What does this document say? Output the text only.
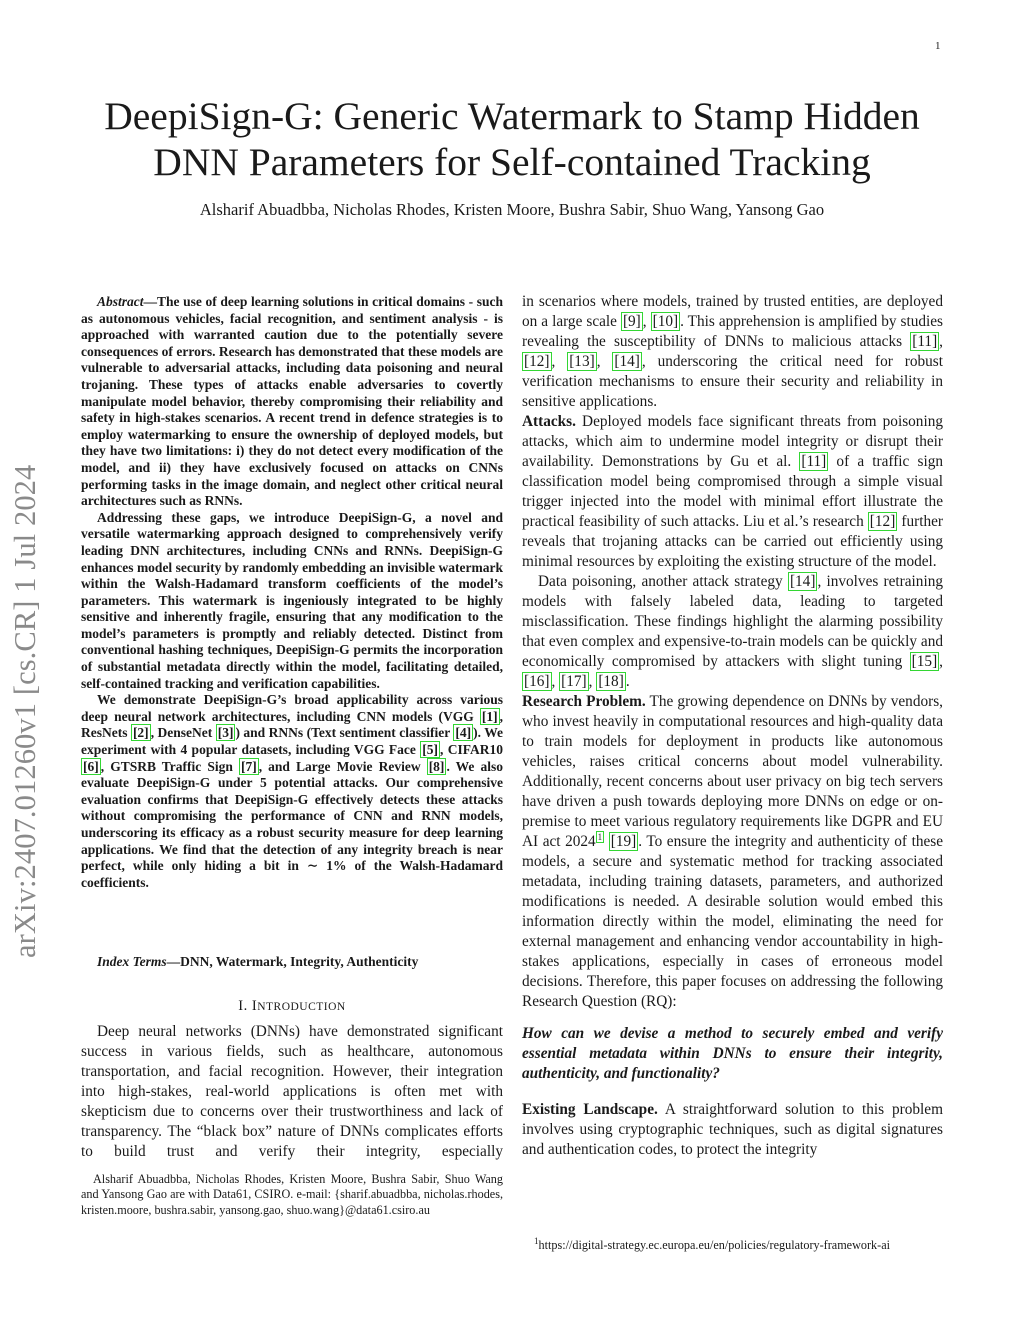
1
arXiv:2407.01260v1 [cs.CR] 1 Jul 2024
DeepiSign-G: Generic Watermark to Stamp Hidden
DNN Parameters for Self-contained Tracking
Alsharif Abuadbba, Nicholas Rhodes, Kristen Moore, Bushra Sabir, Shuo Wang, Yansong Gao

Abstract—The use of deep learning solutions in critical domains - such as autonomous vehicles, facial recognition, and sentiment analysis - is approached with warranted caution due to the potentially severe consequences of errors. Research has demonstrated that these models are vulnerable to adversarial attacks, including data poisoning and neural trojaning. These types of attacks enable adversaries to covertly manipulate model behavior, thereby compromising their reliability and safety in high-stakes scenarios. A recent trend in defence strategies is to employ watermarking to ensure the ownership of deployed models, but they have two limitations: i) they do not detect every modification of the model, and ii) they have exclusively focused on attacks on CNNs performing tasks in the image domain, and neglect other critical neural architectures such as RNNs.

Addressing these gaps, we introduce DeepiSign-G, a novel and versatile watermarking approach designed to comprehensively verify leading DNN architectures, including CNNs and RNNs. DeepiSign-G enhances model security by randomly embedding an invisible watermark within the Walsh-Hadamard transform coefficients of the model’s parameters. This watermark is ingeniously integrated to be highly sensitive and inherently fragile, ensuring that any modification to the model’s parameters is promptly and reliably detected. Distinct from conventional hashing techniques, DeepiSign-G permits the incorporation of substantial metadata directly within the model, facilitating detailed, self-contained tracking and verification capabilities.

We demonstrate DeepiSign-G’s broad applicability across various deep neural network architectures, including CNN models (VGG [1] , ResNets [2] , DenseNet [3] ) and RNNs (Text sentiment classifier [4] ). We experiment with 4 popular datasets, including VGG Face [5] , CIFAR10 [6] , GTSRB Traffic Sign [7] , and Large Movie Review [8] . We also evaluate DeepiSign-G under 5 potential attacks. Our comprehensive evaluation confirms that DeepiSign-G effectively detects these attacks without compromising the performance of CNN and RNN models, underscoring its efficacy as a robust security measure for deep learning applications. We find that the detection of any integrity breach is near perfect, while only hiding a bit in ∼ 1% of the Walsh-Hadamard coefficients.

Index Terms—DNN, Watermark, Integrity, Authenticity
I. INTRODUCTION

Deep neural networks (DNNs) have demonstrated significant success in various fields, such as healthcare, autonomous transportation, and facial recognition. However, their integration into high-stakes, real-world applications is often met with skepticism due to concerns over their trustworthiness and lack of transparency. The “black box” nature of DNNs complicates efforts to build trust and verify their integrity, especially

Alsharif Abuadbba, Nicholas Rhodes, Kristen Moore, Bushra Sabir, Shuo Wang and Yansong Gao are with Data61, CSIRO. e-mail: {sharif.abuadbba, nicholas.rhodes, kristen.moore, bushra.sabir, yansong.gao, shuo.wang}@data61.csiro.au

in scenarios where models, trained by trusted entities, are deployed on a large scale [9] , [10] . This apprehension is amplified by studies revealing the susceptibility of DNNs to malicious attacks [11] , [12] , [13] , [14] , underscoring the critical need for robust verification mechanisms to ensure their security and reliability in sensitive applications.

Attacks. Deployed models face significant threats from poisoning attacks, which aim to undermine model integrity or disrupt their availability. Demonstrations by Gu et al. [11] of a traffic sign classification model being compromised through a simple visual trigger injected into the model with minimal effort illustrate the practical feasibility of such attacks. Liu et al.’s research [12] further reveals that trojaning attacks can be carried out efficiently using minimal resources by exploiting the existing structure of the model.

Data poisoning, another attack strategy [14] , involves retraining models with falsely labeled data, leading to targeted misclassification. These findings highlight the alarming possibility that even complex and expensive-to-train models can be quickly and economically compromised by attackers with slight tuning [15] , [16] , [17] , [18] .

Research Problem. The growing dependence on DNNs by vendors, who invest heavily in computational resources and high-quality data to train models for deployment in products like autonomous vehicles, raises critical concerns about model vulnerability. Additionally, recent concerns about user privacy on big tech servers have driven a push towards deploying more DNNs on edge or on-premise to meet various regulatory requirements like DGPR and EU AI act 2024 $^1$ [19] . To ensure the integrity and authenticity of these models, a secure and systematic method for tracking associated metadata, including training datasets, parameters, and authorized modifications is needed. A desirable solution would embed this information directly within the model, eliminating the need for external management and enhancing vendor accountability in high-stakes applications, especially in cases of erroneous model decisions. Therefore, this paper focuses on addressing the following Research Question (RQ):

How can we devise a method to securely embed and verify essential metadata within DNNs to ensure their integrity, authenticity, and functionality?

Existing Landscape. A straightforward solution to this problem involves using cryptographic techniques, such as digital signatures and authentication codes, to protect the integrity

$^1$https://digital-strategy.ec.europa.eu/en/policies/regulatory-framework-ai
